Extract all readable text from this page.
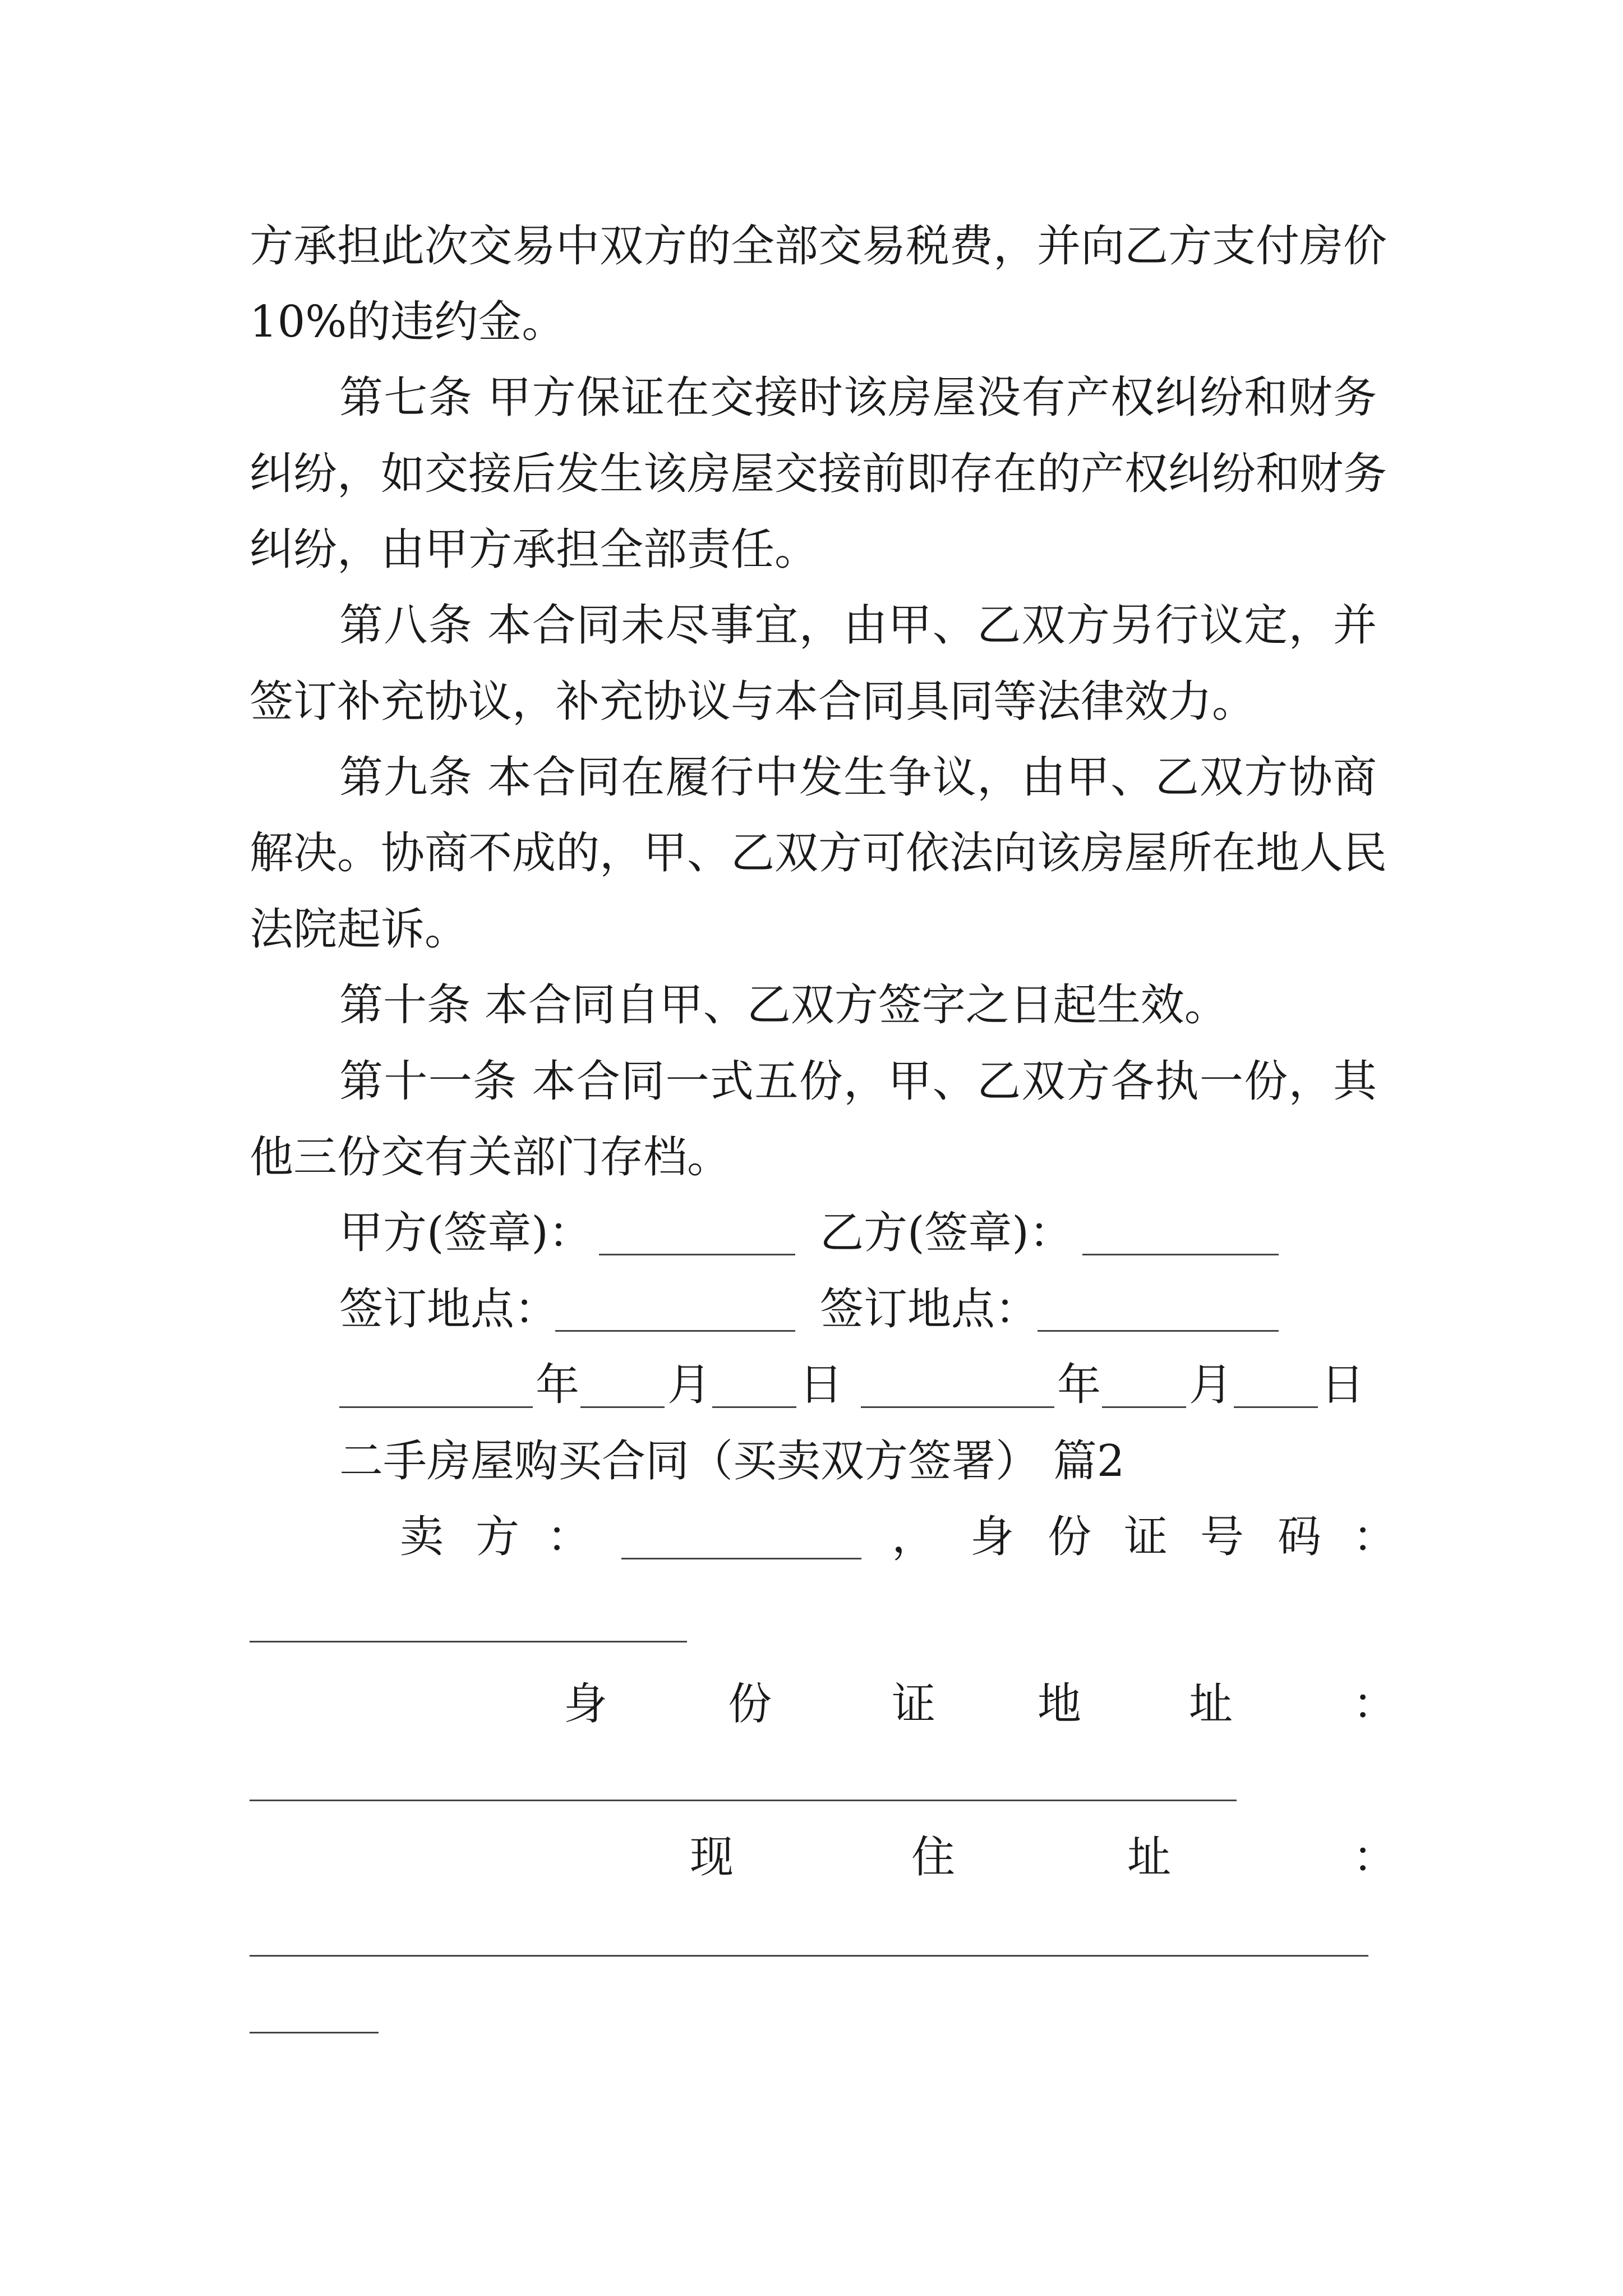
方承担此次交易中双方的全部交易税费，并向乙方支付房价
10%的违约金。
第七条 甲方保证在交接时该房屋没有产权纠纷和财务
纠纷，如交接后发生该房屋交接前即存在的产权纠纷和财务
纠纷，由甲方承担全部责任。
第八条 本合同未尽事宜，由甲、乙双方另行议定，并
签订补充协议，补充协议与本合同具同等法律效力。
第九条 本合同在履行中发生争议，由甲、乙双方协商
解决。协商不成的，甲、乙双方可依法向该房屋所在地人民
法院起诉。
第十条 本合同自甲、乙双方签字之日起生效。
第十一条 本合同一式五份，甲、乙双方各执一份，其
他三份交有关部门存档。
甲方(签章)：	乙方(签章)：
签订地点：	签订地点：
年 月 日	年 月 日
二手房屋购买合同（买卖双方签署） 篇2
卖 方 ：	， 身 份 证 号 码 ：
身	份	证 地 址	：
现	住	址	：
